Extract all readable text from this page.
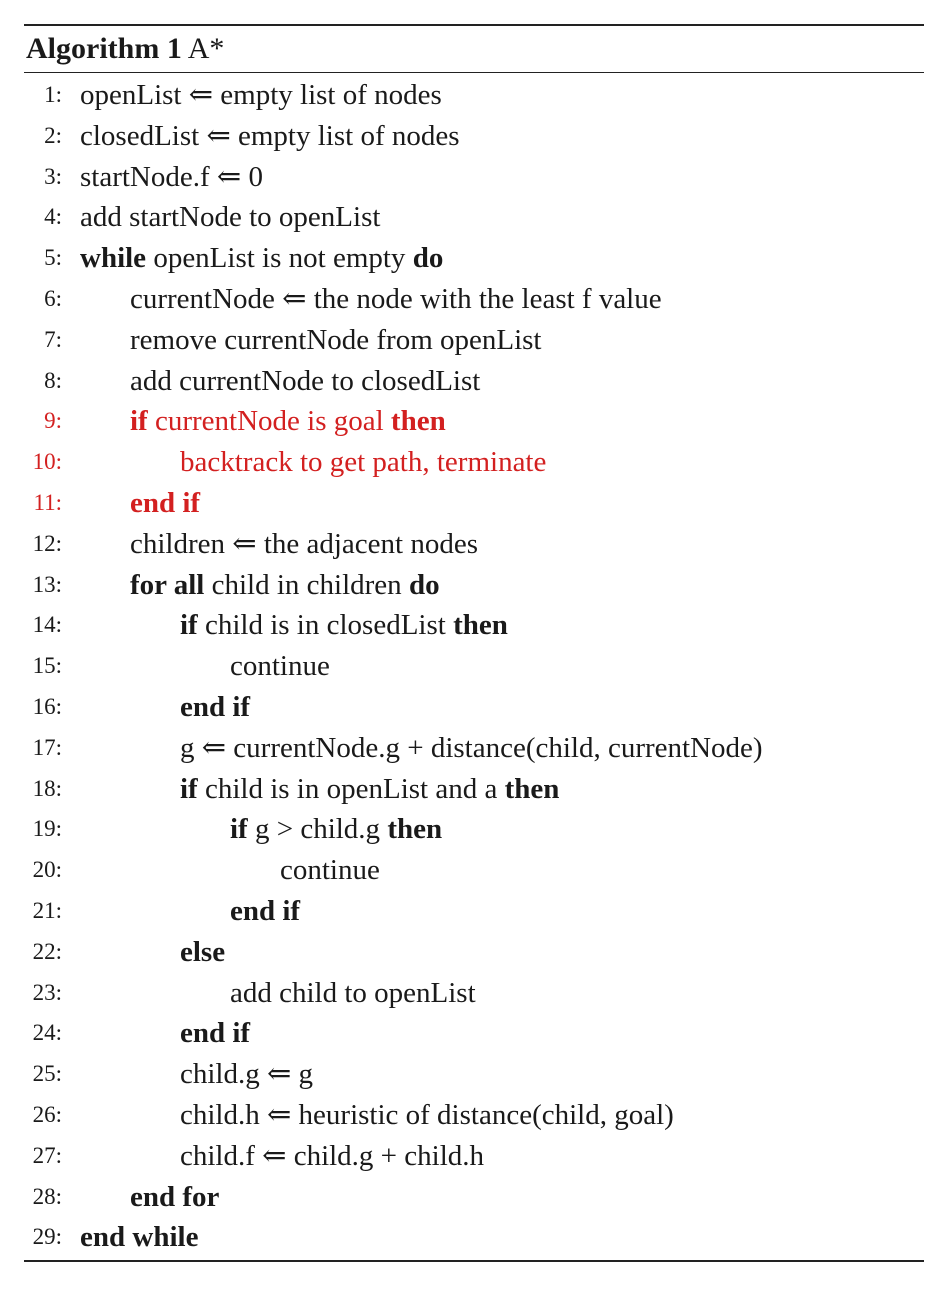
Algorithm 1 A*
1: openList ⇐ empty list of nodes
2: closedList ⇐ empty list of nodes
3: startNode.f ⇐ 0
4: add startNode to openList
5: while openList is not empty do
6: currentNode ⇐ the node with the least f value
7: remove currentNode from openList
8: add currentNode to closedList
9: if currentNode is goal then
10:	backtrack to get path, terminate
11: end if
12: children ⇐ the adjacent nodes
13: for all child in children do
14:	if child is in closedList then
15:	continue
16:	end if
17:	g ⇐ currentNode.g + distance(child, currentNode)
18:	if child is in openList and a then
19:	if g > child.g then
20:	continue
21:	end if
22:	else
23:	add child to openList
24:	end if
25:	child.g ⇐ g
26:	child.h ⇐ heuristic of distance(child, goal)
27:	child.f ⇐ child.g + child.h
28: end for
29: end while
